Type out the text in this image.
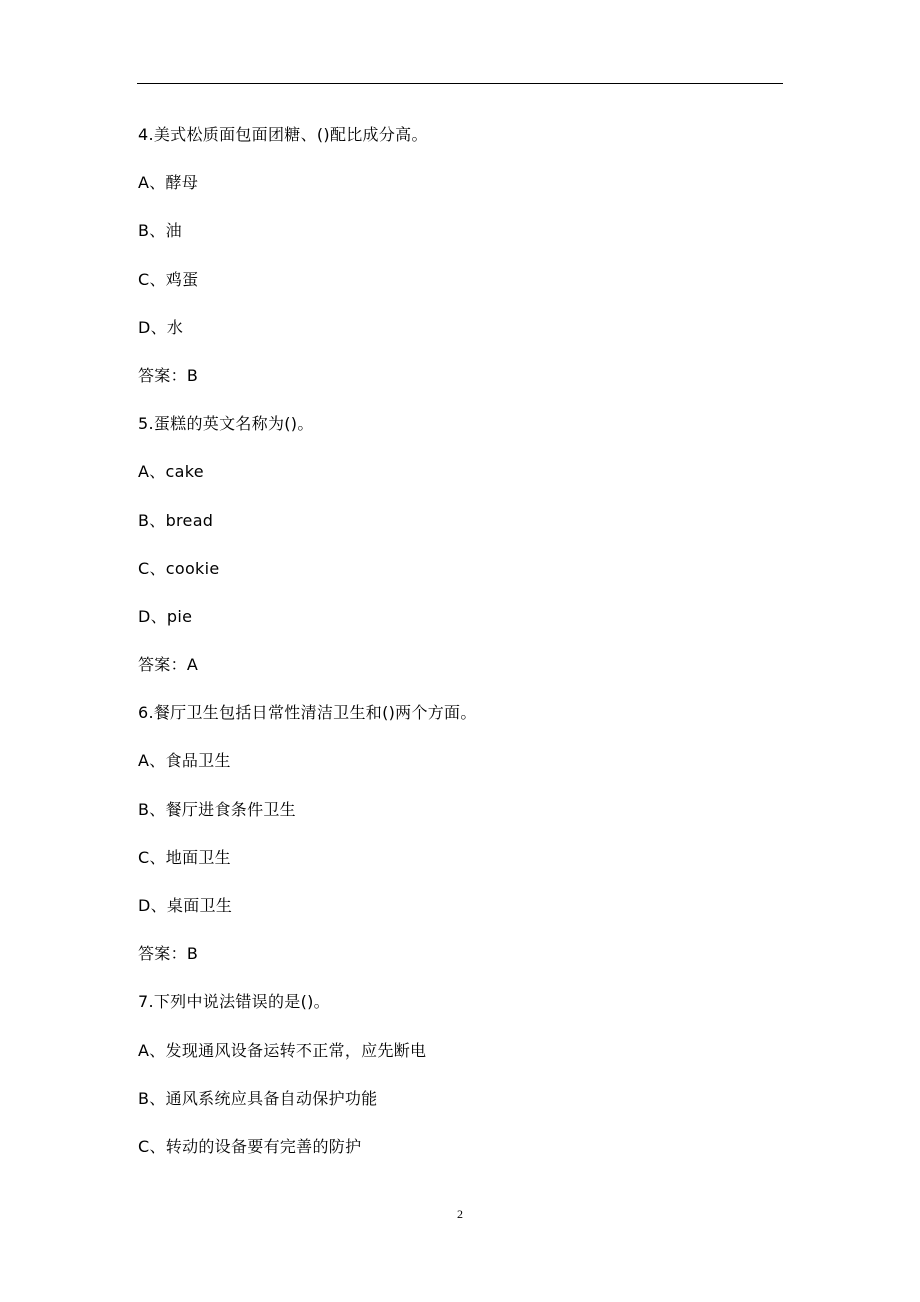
4.美式松质面包面团糖、()配比成分高。
A、酵母
B、油
C、鸡蛋
D、水
答案：B
5.蛋糕的英文名称为()。
A、cake
B、bread
C、cookie
D、pie
答案：A
6.餐厅卫生包括日常性清洁卫生和()两个方面。
A、食品卫生
B、餐厅进食条件卫生
C、地面卫生
D、桌面卫生
答案：B
7.下列中说法错误的是()。
A、发现通风设备运转不正常，应先断电
B、通风系统应具备自动保护功能
C、转动的设备要有完善的防护
2
